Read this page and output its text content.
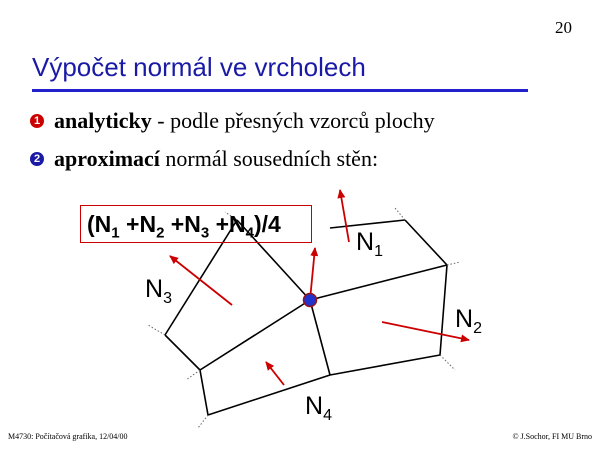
20
Výpočet normál ve vrcholech
1 analyticky - podle přesných vzorců plochy
2 aproximací normál sousedních stěn:
$(N_1 +N_2 +N_3 +N_4)/4$
$N_1$
$N_2$
$N_3$
$N_4$
M4730: Počítačová grafika, 12/04/00	© J.Sochor, FI MU Brno
